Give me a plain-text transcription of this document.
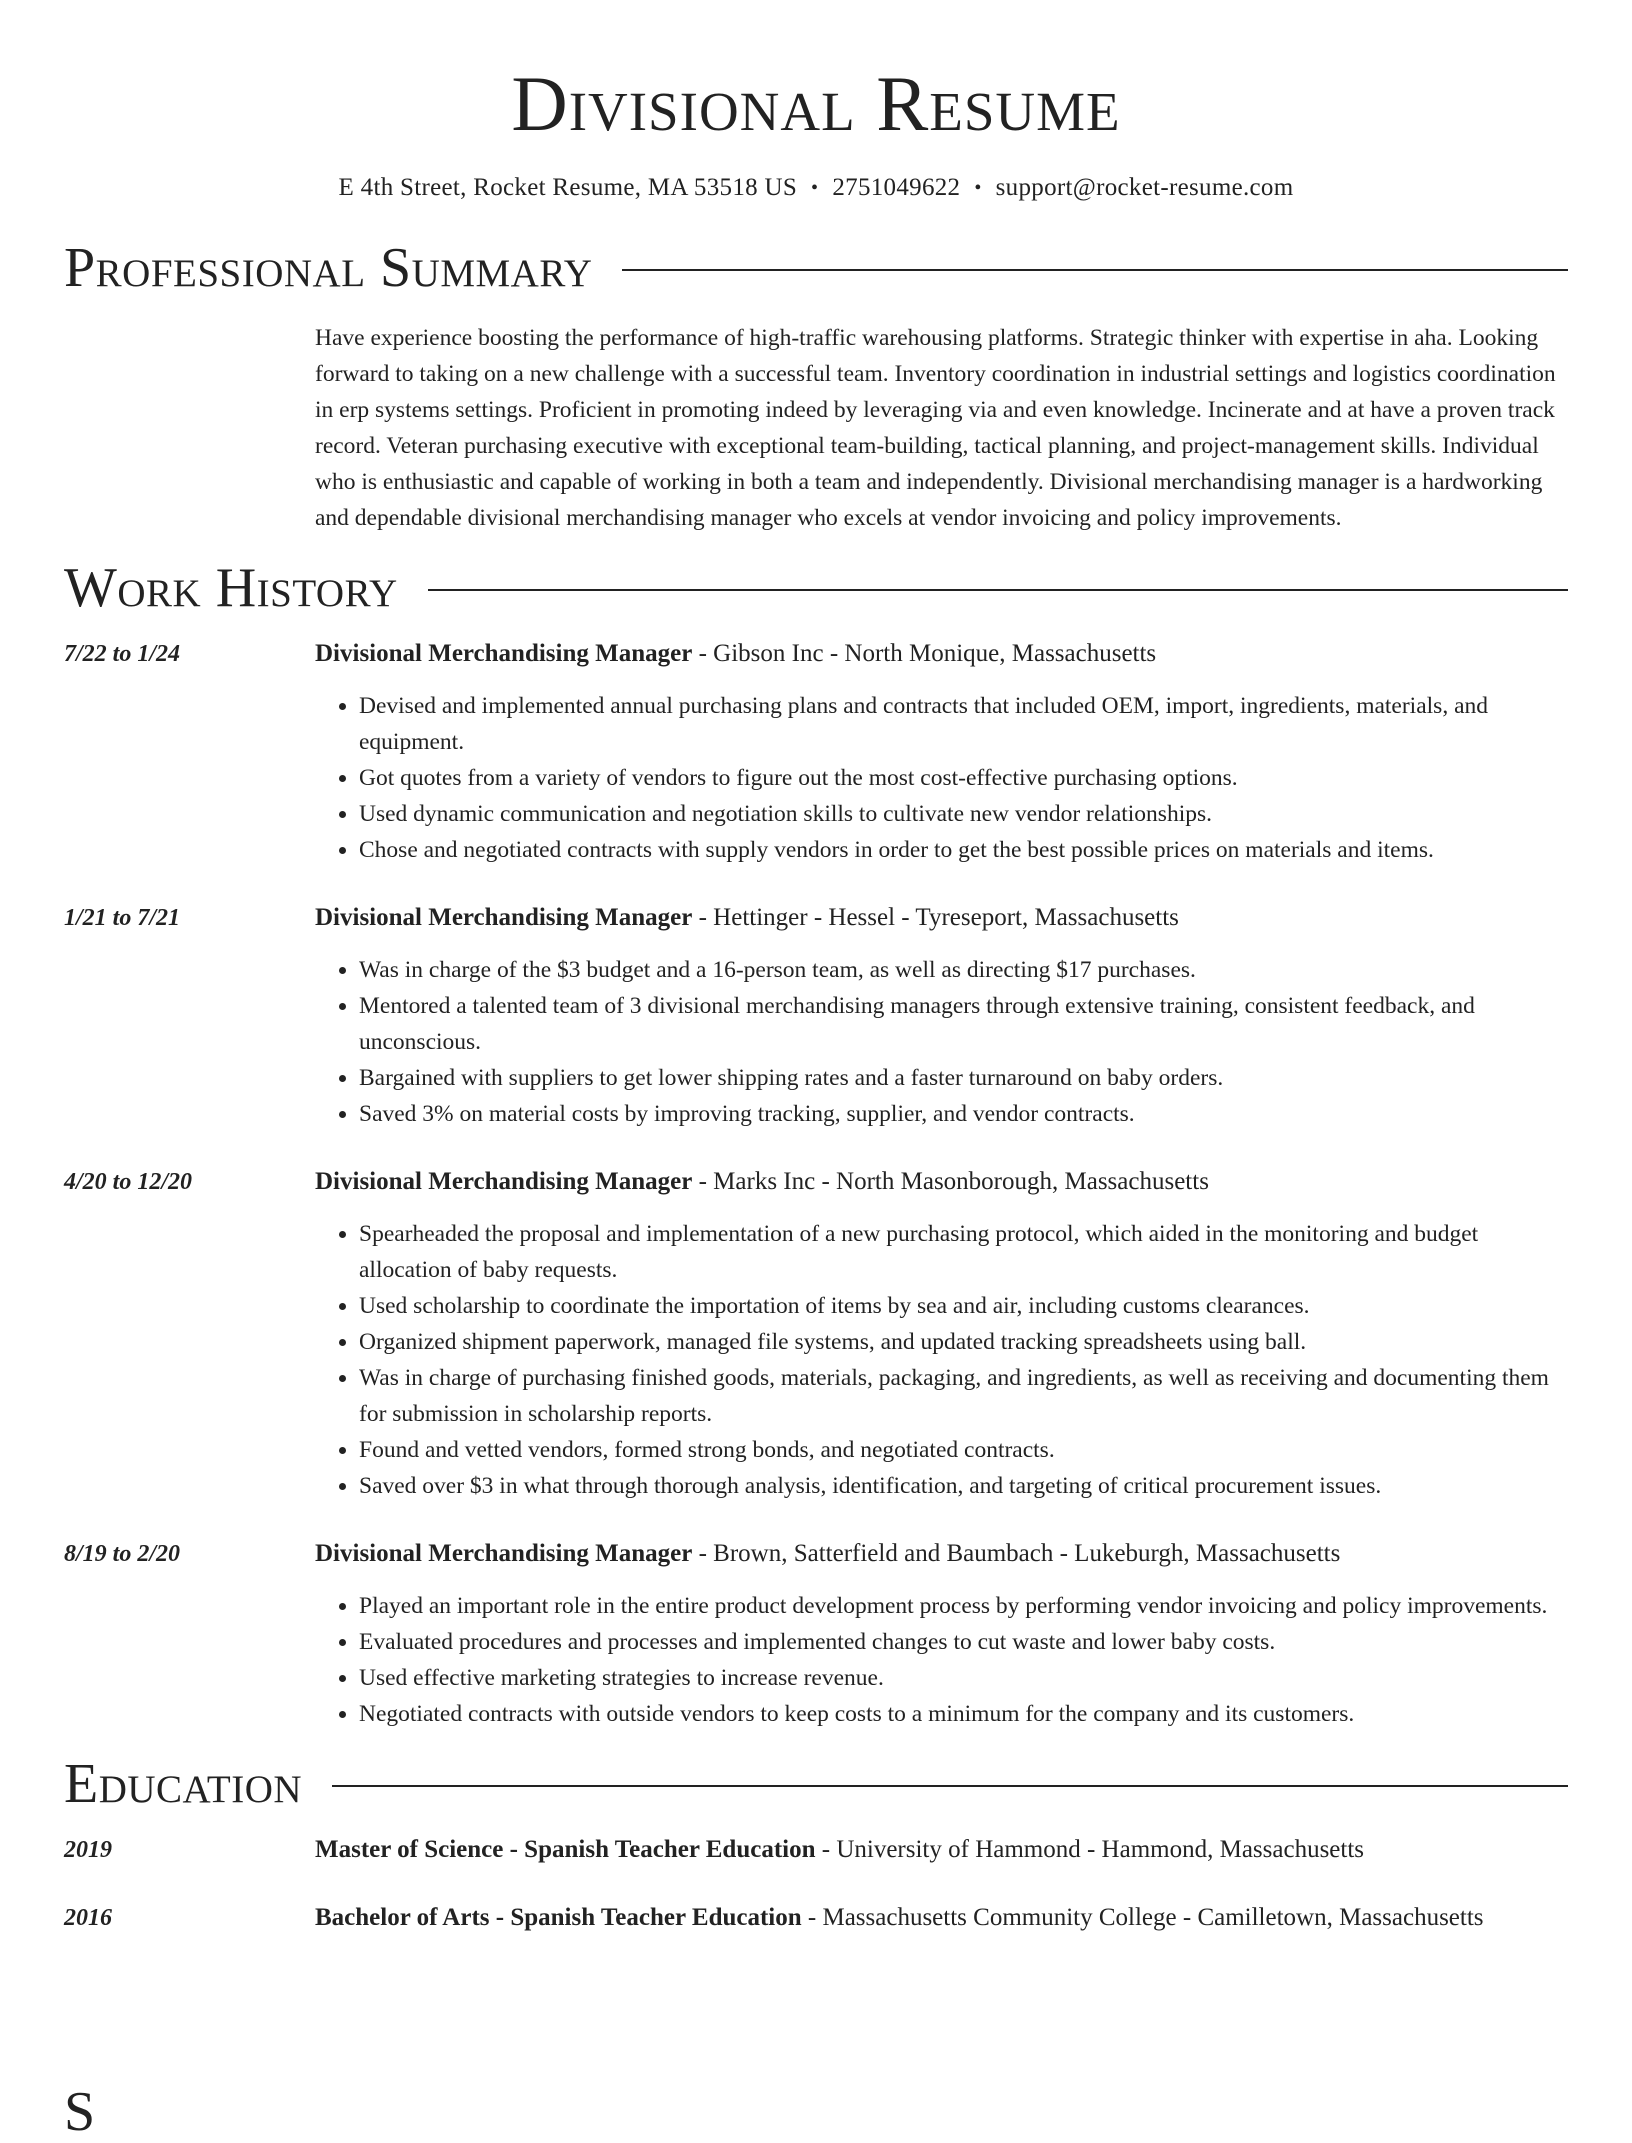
Divisional Resume
E 4th Street, Rocket Resume, MA 53518 US • 2751049622 • support@rocket-resume.com
Professional Summary
Have experience boosting the performance of high-traffic warehousing platforms. Strategic thinker with expertise in aha. Looking forward to taking on a new challenge with a successful team. Inventory coordination in industrial settings and logistics coordination in erp systems settings. Proficient in promoting indeed by leveraging via and even knowledge. Incinerate and at have a proven track record. Veteran purchasing executive with exceptional team-building, tactical planning, and project-management skills. Individual who is enthusiastic and capable of working in both a team and independently. Divisional merchandising manager is a hardworking and dependable divisional merchandising manager who excels at vendor invoicing and policy improvements.
Work History
7/22 to 1/24	Divisional Merchandising Manager - Gibson Inc - North Monique, Massachusetts
• Devised and implemented annual purchasing plans and contracts that included OEM, import, ingredients, materials, and equipment.
• Got quotes from a variety of vendors to figure out the most cost-effective purchasing options.
• Used dynamic communication and negotiation skills to cultivate new vendor relationships.
• Chose and negotiated contracts with supply vendors in order to get the best possible prices on materials and items.
1/21 to 7/21	Divisional Merchandising Manager - Hettinger - Hessel - Tyreseport, Massachusetts
• Was in charge of the $3 budget and a 16-person team, as well as directing $17 purchases.
• Mentored a talented team of 3 divisional merchandising managers through extensive training, consistent feedback, and unconscious.
• Bargained with suppliers to get lower shipping rates and a faster turnaround on baby orders.
• Saved 3% on material costs by improving tracking, supplier, and vendor contracts.
4/20 to 12/20	Divisional Merchandising Manager - Marks Inc - North Masonborough, Massachusetts
• Spearheaded the proposal and implementation of a new purchasing protocol, which aided in the monitoring and budget allocation of baby requests.
• Used scholarship to coordinate the importation of items by sea and air, including customs clearances.
• Organized shipment paperwork, managed file systems, and updated tracking spreadsheets using ball.
• Was in charge of purchasing finished goods, materials, packaging, and ingredients, as well as receiving and documenting them for submission in scholarship reports.
• Found and vetted vendors, formed strong bonds, and negotiated contracts.
• Saved over $3 in what through thorough analysis, identification, and targeting of critical procurement issues.
8/19 to 2/20	Divisional Merchandising Manager - Brown, Satterfield and Baumbach - Lukeburgh, Massachusetts
• Played an important role in the entire product development process by performing vendor invoicing and policy improvements.
• Evaluated procedures and processes and implemented changes to cut waste and lower baby costs.
• Used effective marketing strategies to increase revenue.
• Negotiated contracts with outside vendors to keep costs to a minimum for the company and its customers.
Education
2019	Master of Science - Spanish Teacher Education - University of Hammond - Hammond, Massachusetts
2016	Bachelor of Arts - Spanish Teacher Education - Massachusetts Community College - Camilletown, Massachusetts
S
